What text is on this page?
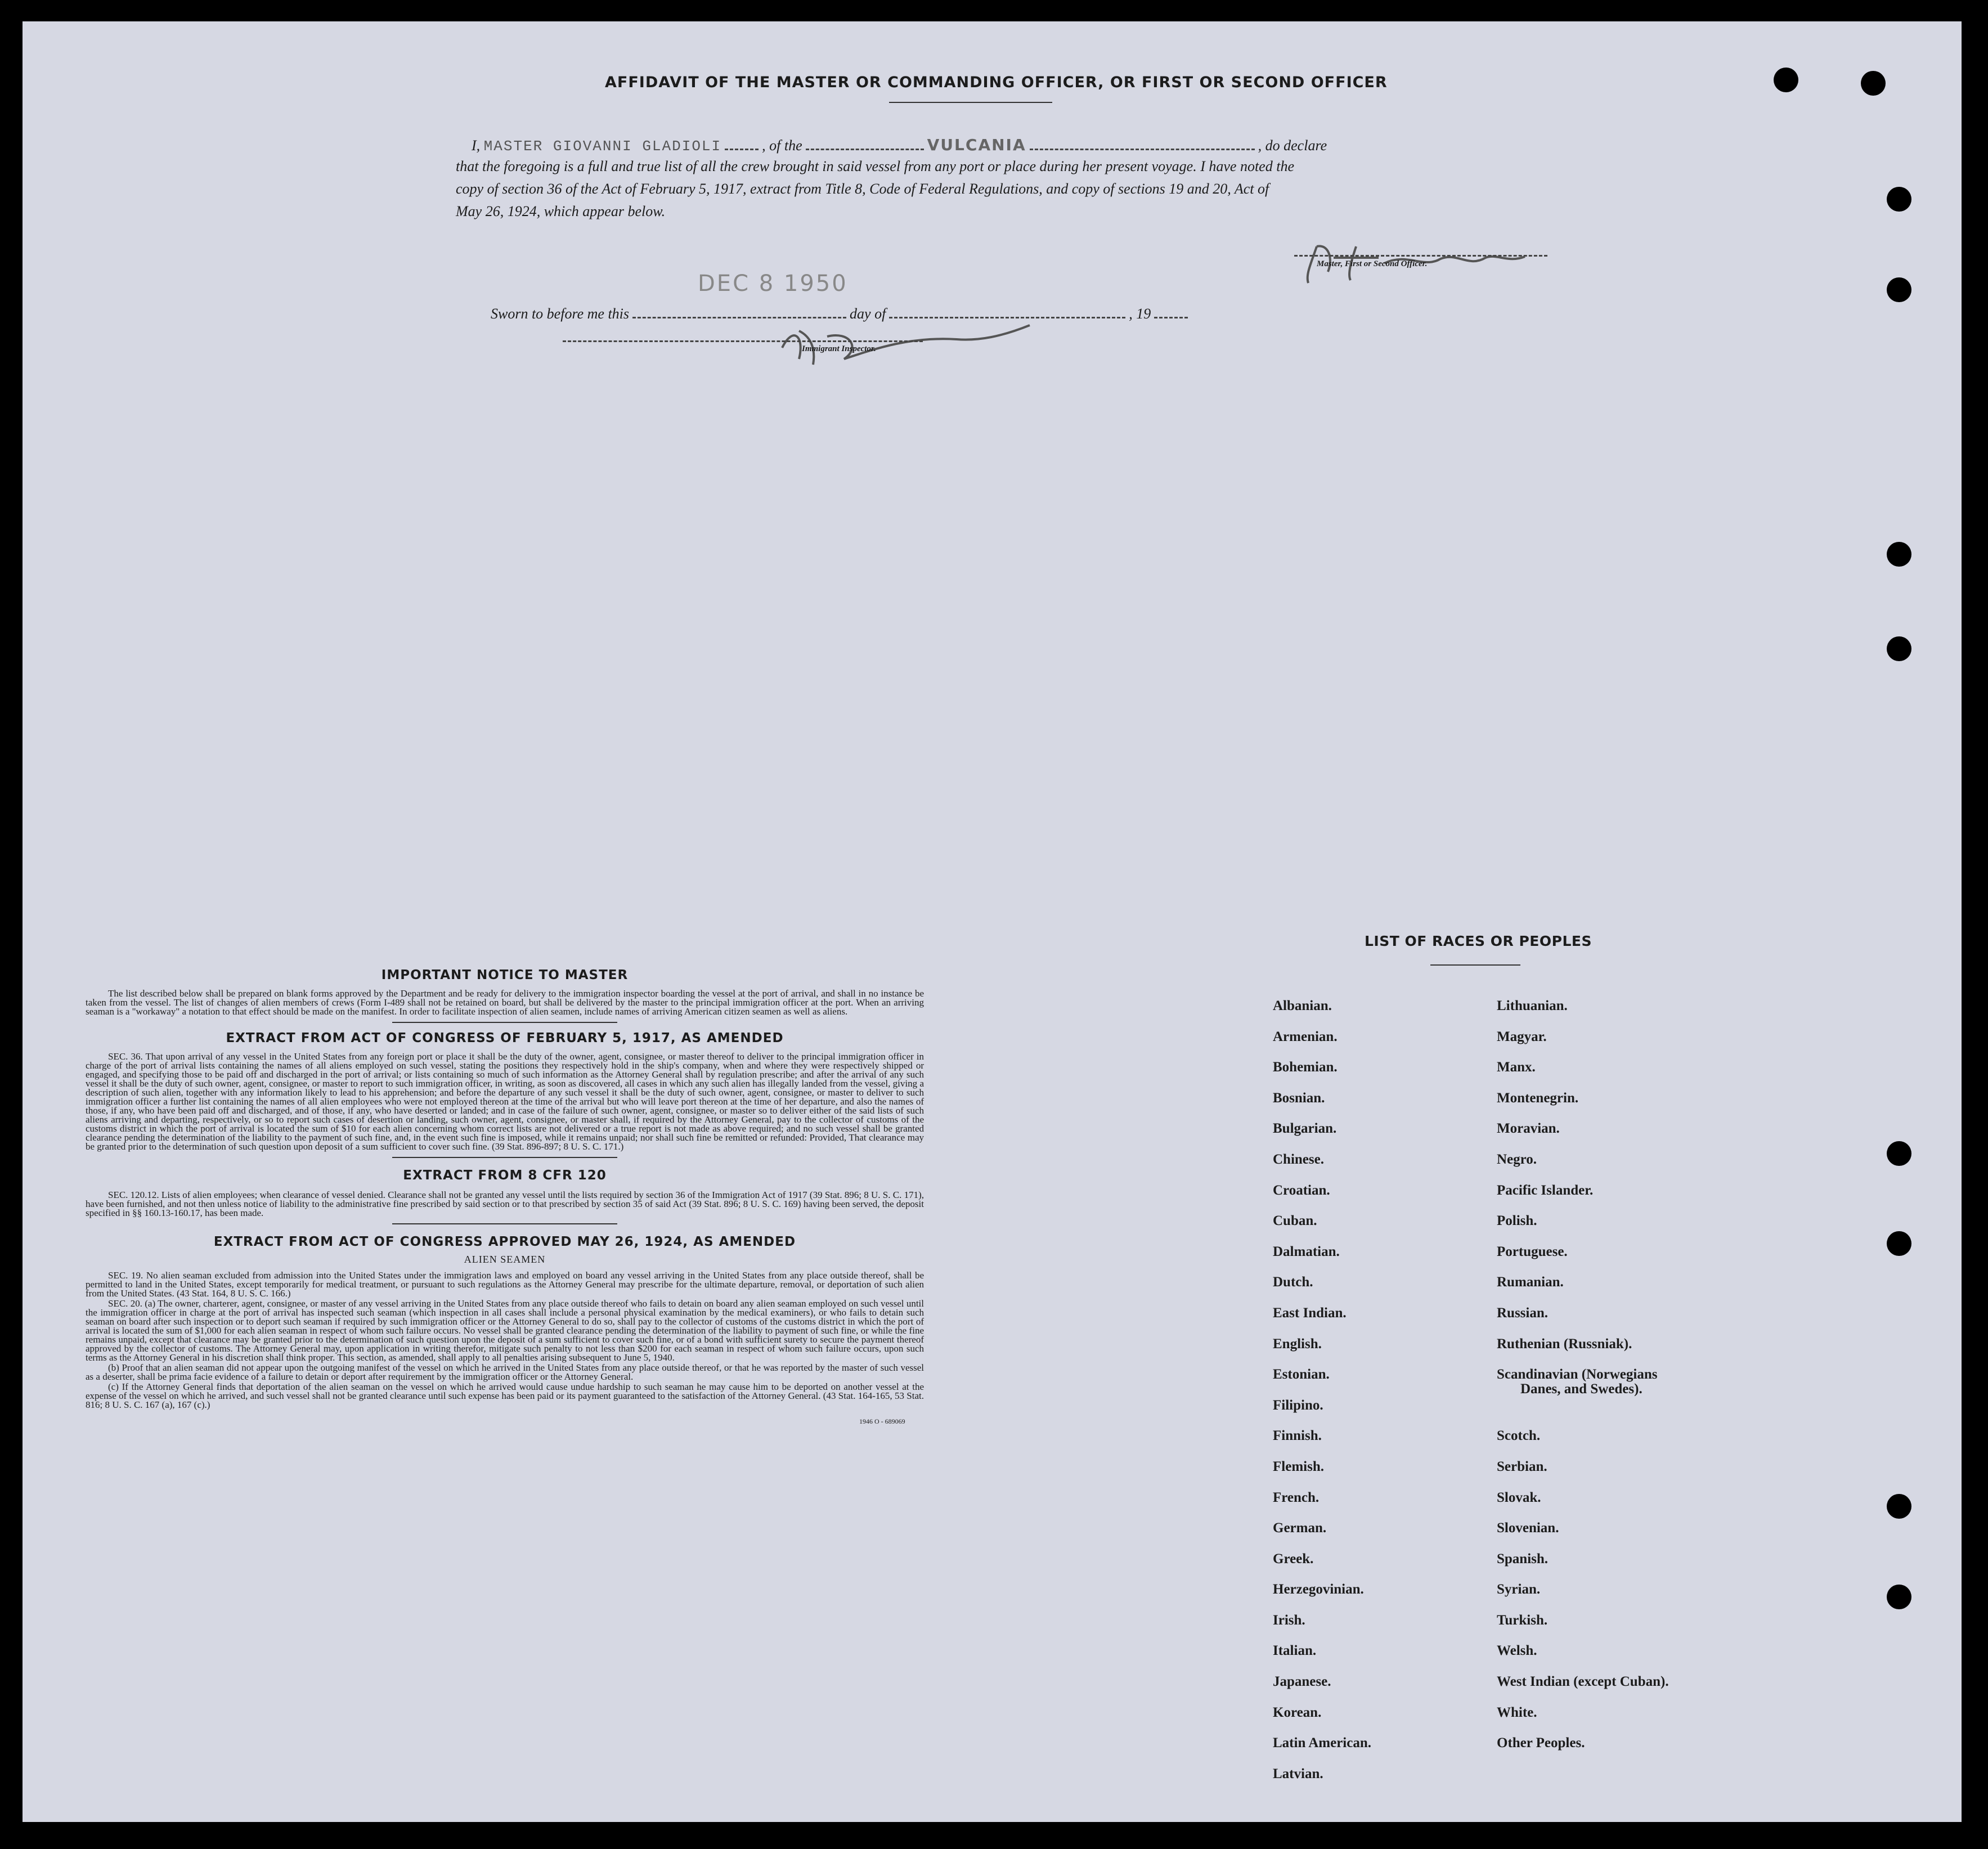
AFFIDAVIT OF THE MASTER OR COMMANDING OFFICER, OR FIRST OR SECOND OFFICER
I, MASTER GIOVANNI GLADIOLI	, of the	VULCANIA	, do declare
that the foregoing is a full and true list of all the crew brought in said vessel from any port or place during her present voyage. I have noted the
copy of section 36 of the Act of February 5, 1917, extract from Title 8, Code of Federal Regulations, and copy of sections 19 and 20, Act of
May 26, 1924, which appear below.
Master, First or Second Officer.
DEC 8 1950
Sworn to before me this	day of	, 19
Immigrant Inspector.
IMPORTANT NOTICE TO MASTER

The list described below shall be prepared on blank forms approved by the Department and be ready for delivery to the immigration inspector boarding the vessel at the port of arrival, and shall in no instance be taken from the vessel. The list of changes of alien members of crews (Form I-489 shall not be retained on board, but shall be delivered by the master to the principal immigration officer at the port. When an arriving seaman is a "workaway" a notation to that effect should be made on the manifest. In order to facilitate inspection of alien seamen, include names of arriving American citizen seamen as well as aliens.

EXTRACT FROM ACT OF CONGRESS OF FEBRUARY 5, 1917, AS AMENDED

SEC. 36. That upon arrival of any vessel in the United States from any foreign port or place it shall be the duty of the owner, agent, consignee, or master thereof to deliver to the principal immigration officer in charge of the port of arrival lists containing the names of all aliens employed on such vessel, stating the positions they respectively hold in the ship's company, when and where they were respectively shipped or engaged, and specifying those to be paid off and discharged in the port of arrival; or lists containing so much of such information as the Attorney General shall by regulation prescribe; and after the arrival of any such vessel it shall be the duty of such owner, agent, consignee, or master to report to such immigration officer, in writing, as soon as discovered, all cases in which any such alien has illegally landed from the vessel, giving a description of such alien, together with any information likely to lead to his apprehension; and before the departure of any such vessel it shall be the duty of such owner, agent, consignee, or master to deliver to such immigration officer a further list containing the names of all alien employees who were not employed thereon at the time of the arrival but who will leave port thereon at the time of her departure, and also the names of those, if any, who have been paid off and discharged, and of those, if any, who have deserted or landed; and in case of the failure of such owner, agent, consignee, or master so to deliver either of the said lists of such aliens arriving and departing, respectively, or so to report such cases of desertion or landing, such owner, agent, consignee, or master shall, if required by the Attorney General, pay to the collector of customs of the customs district in which the port of arrival is located the sum of $10 for each alien concerning whom correct lists are not delivered or a true report is not made as above required; and no such vessel shall be granted clearance pending the determination of the liability to the payment of such fine, and, in the event such fine is imposed, while it remains unpaid; nor shall such fine be remitted or refunded: Provided, That clearance may be granted prior to the determination of such question upon deposit of a sum sufficient to cover such fine. (39 Stat. 896-897; 8 U. S. C. 171.)

EXTRACT FROM 8 CFR 120

SEC. 120.12. Lists of alien employees; when clearance of vessel denied. Clearance shall not be granted any vessel until the lists required by section 36 of the Immigration Act of 1917 (39 Stat. 896; 8 U. S. C. 171), have been furnished, and not then unless notice of liability to the administrative fine prescribed by said section or to that prescribed by section 35 of said Act (39 Stat. 896; 8 U. S. C. 169) having been served, the deposit specified in §§ 160.13-160.17, has been made.

EXTRACT FROM ACT OF CONGRESS APPROVED MAY 26, 1924, AS AMENDED
ALIEN SEAMEN

SEC. 19. No alien seaman excluded from admission into the United States under the immigration laws and employed on board any vessel arriving in the United States from any place outside thereof, shall be permitted to land in the United States, except temporarily for medical treatment, or pursuant to such regulations as the Attorney General may prescribe for the ultimate departure, removal, or deportation of such alien from the United States. (43 Stat. 164, 8 U. S. C. 166.)

SEC. 20. (a) The owner, charterer, agent, consignee, or master of any vessel arriving in the United States from any place outside thereof who fails to detain on board any alien seaman employed on such vessel until the immigration officer in charge at the port of arrival has inspected such seaman (which inspection in all cases shall include a personal physical examination by the medical examiners), or who fails to detain such seaman on board after such inspection or to deport such seaman if required by such immigration officer or the Attorney General to do so, shall pay to the collector of customs of the customs district in which the port of arrival is located the sum of $1,000 for each alien seaman in respect of whom such failure occurs. No vessel shall be granted clearance pending the determination of the liability to payment of such fine, or while the fine remains unpaid, except that clearance may be granted prior to the determination of such question upon the deposit of a sum sufficient to cover such fine, or of a bond with sufficient surety to secure the payment thereof approved by the collector of customs. The Attorney General may, upon application in writing therefor, mitigate such penalty to not less than $200 for each seaman in respect of whom such failure occurs, upon such terms as the Attorney General in his discretion shall think proper. This section, as amended, shall apply to all penalties arising subsequent to June 5, 1940.

(b) Proof that an alien seaman did not appear upon the outgoing manifest of the vessel on which he arrived in the United States from any place outside thereof, or that he was reported by the master of such vessel as a deserter, shall be prima facie evidence of a failure to detain or deport after requirement by the immigration officer or the Attorney General.

(c) If the Attorney General finds that deportation of the alien seaman on the vessel on which he arrived would cause undue hardship to such seaman he may cause him to be deported on another vessel at the expense of the vessel on which he arrived, and such vessel shall not be granted clearance until such expense has been paid or its payment guaranteed to the satisfaction of the Attorney General. (43 Stat. 164-165, 53 Stat. 816; 8 U. S. C. 167 (a), 167 (c).)

1946 O - 689069
LIST OF RACES OR PEOPLES
Albanian.
Armenian.
Bohemian.
Bosnian.
Bulgarian.
Chinese.
Croatian.
Cuban.
Dalmatian.
Dutch.
East Indian.
English.
Estonian.
Filipino.
Finnish.
Flemish.
French.
German.
Greek.
Herzegovinian.
Irish.
Italian.
Japanese.
Korean.
Latin American.
Latvian.
Lithuanian.
Magyar.
Manx.
Montenegrin.
Moravian.
Negro.
Pacific Islander.
Polish.
Portuguese.
Rumanian.
Russian.
Ruthenian (Russniak).
Scandinavian (Norwegians
Danes, and Swedes).
Scotch.
Serbian.
Slovak.
Slovenian.
Spanish.
Syrian.
Turkish.
Welsh.
West Indian (except Cuban).
White.
Other Peoples.
